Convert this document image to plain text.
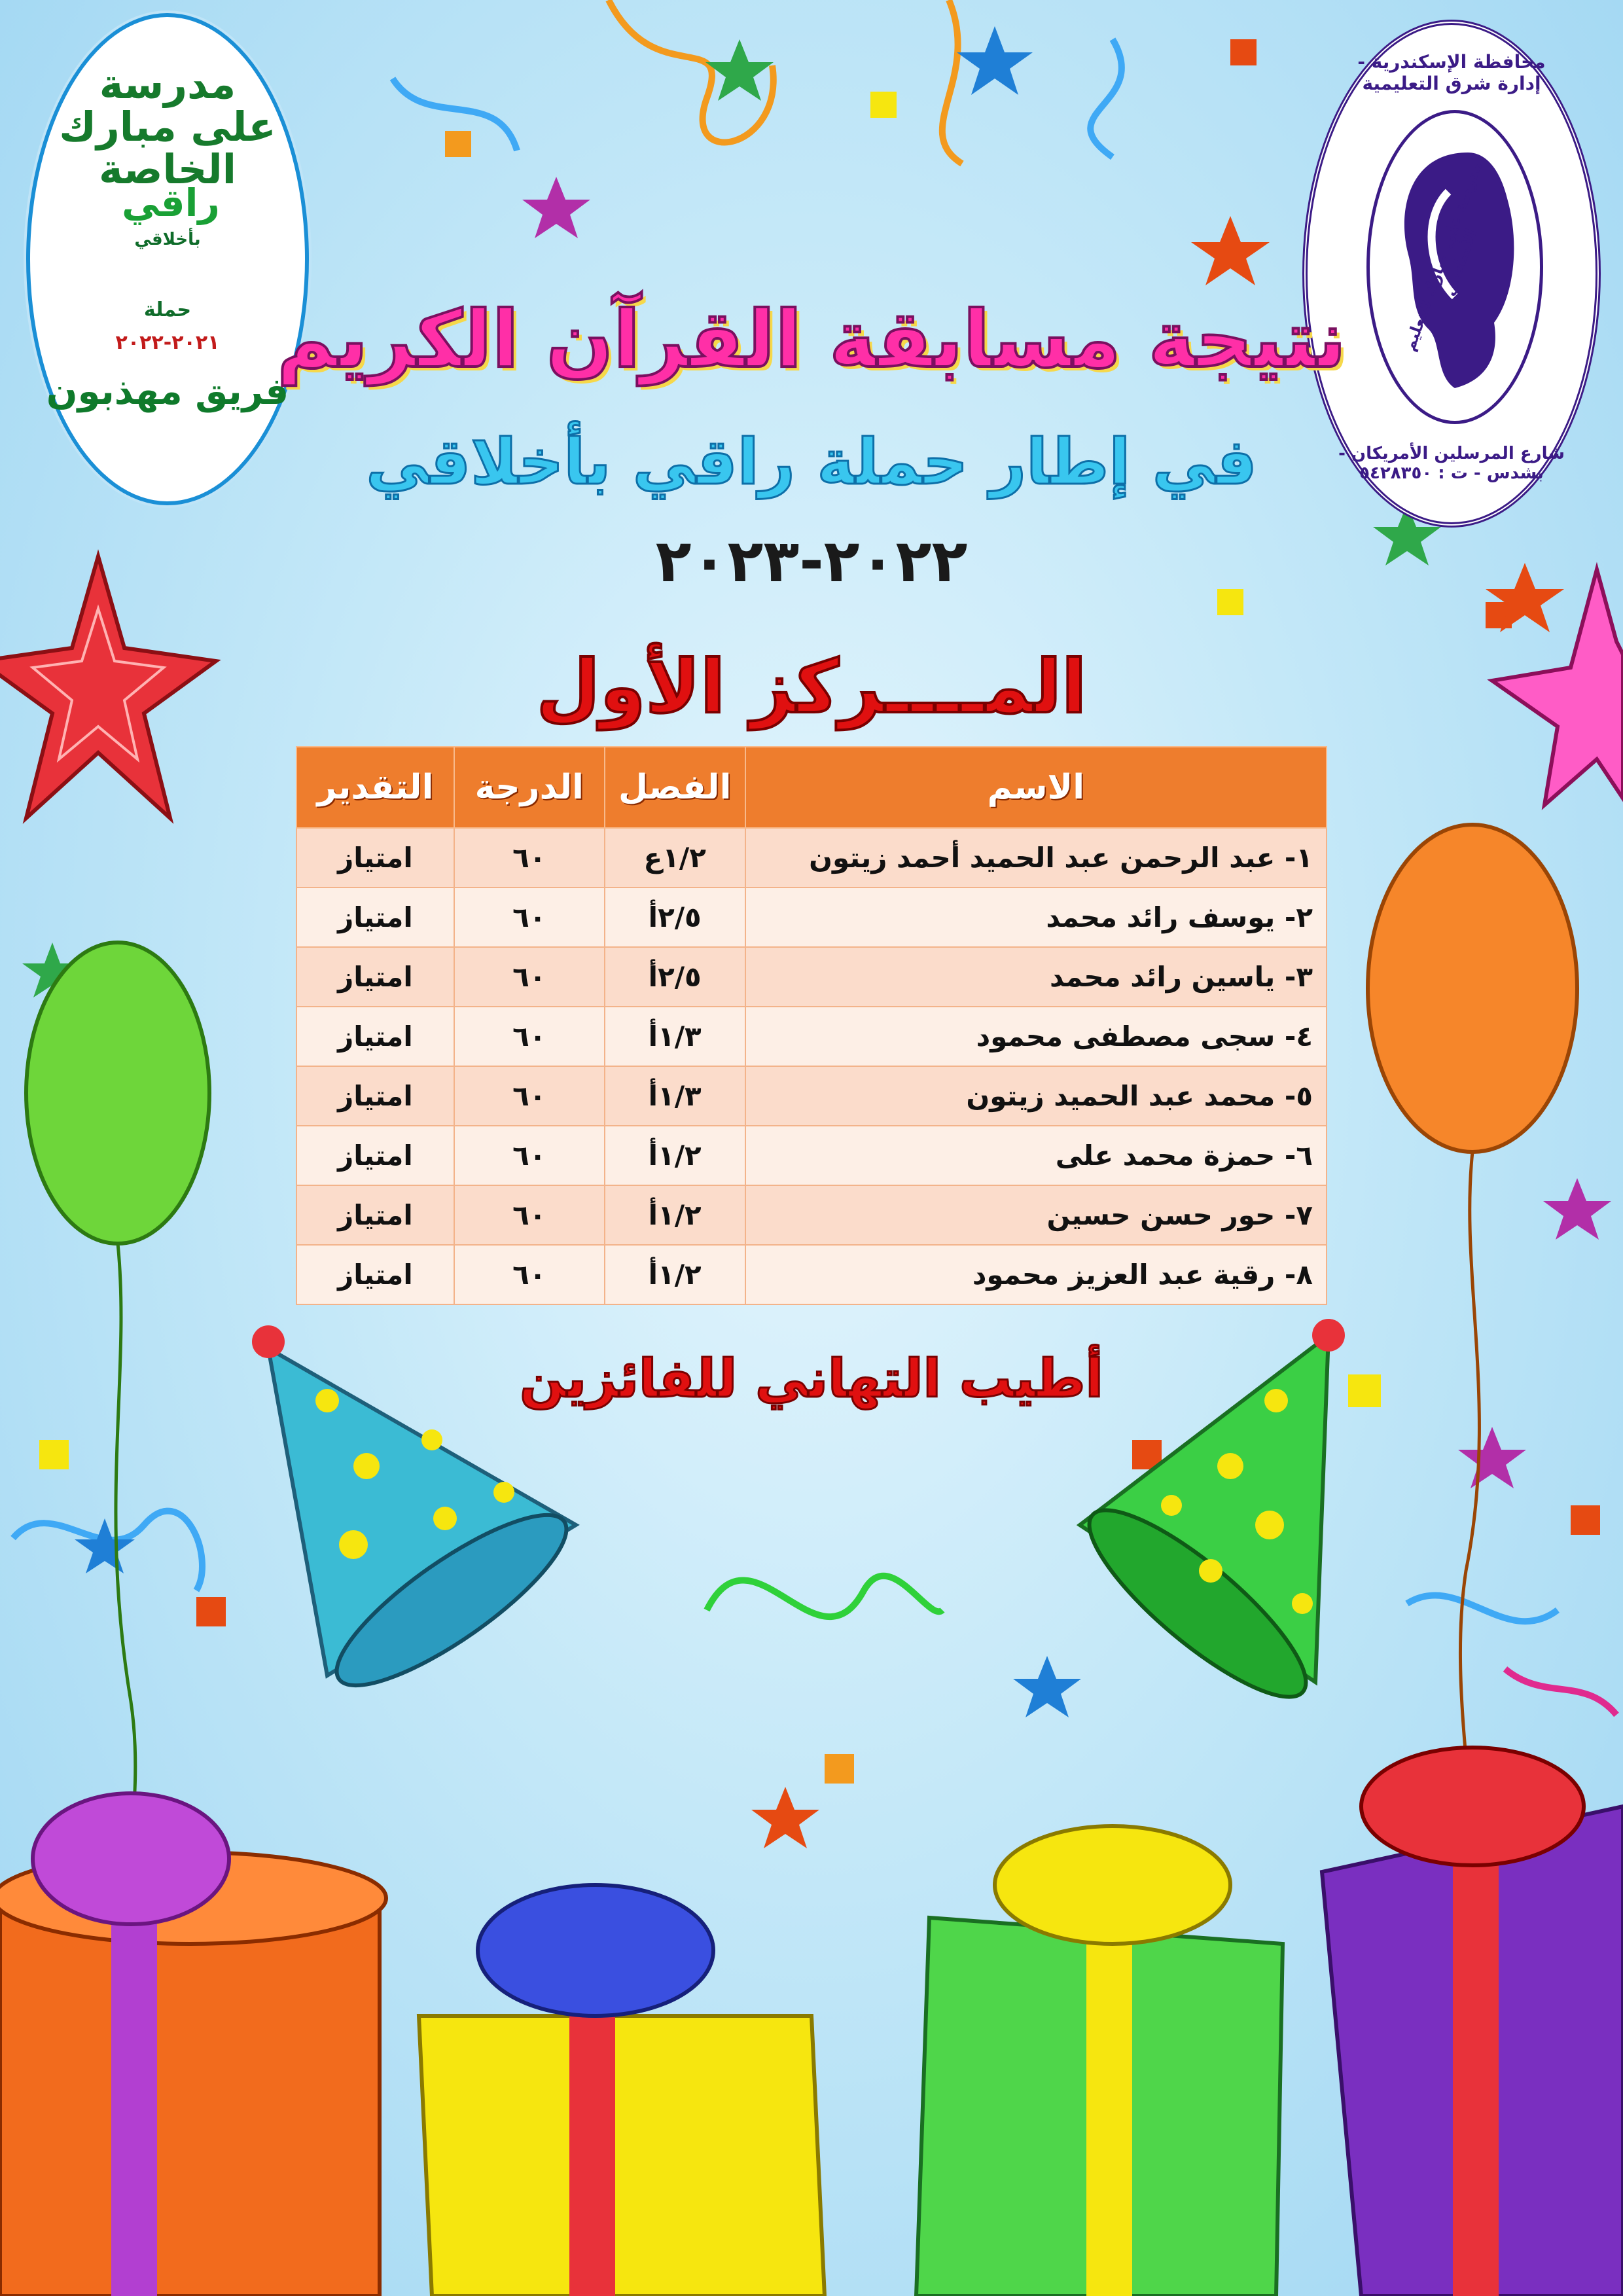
مدرسة على مبارك الخاصة
راقي
بأخلاقي
حملة
٢٠٢١-٢٠٢٢
فريق مهذبون
محافظة الإسكندرية - إدارة شرق التعليمية
مدرسة على مبارك للتعليم الأساسي
شارع المرسلين الأمريكان - بشدس - ت : ٥٤٢٨٣٥٠
نتيجة مسابقة القرآن الكريم
في إطار حملة راقي بأخلاقي
٢٠٢٢-٢٠٢٣
المــــركز الأول
الاسم	الفصل	الدرجة	التقدير
١- عبد الرحمن عبد الحميد أحمد زيتون	١/٢ع	٦٠	امتياز
٢- يوسف رائد محمد	٢/٥أ	٦٠	امتياز
٣- ياسين رائد محمد	٢/٥أ	٦٠	امتياز
٤- سجى مصطفى محمود	١/٣أ	٦٠	امتياز
٥- محمد عبد الحميد زيتون	١/٣أ	٦٠	امتياز
٦- حمزة محمد على	١/٢أ	٦٠	امتياز
٧- حور حسن حسين	١/٢أ	٦٠	امتياز
٨- رقية عبد العزيز محمود	١/٢أ	٦٠	امتياز
أطيب التهاني للفائزين
